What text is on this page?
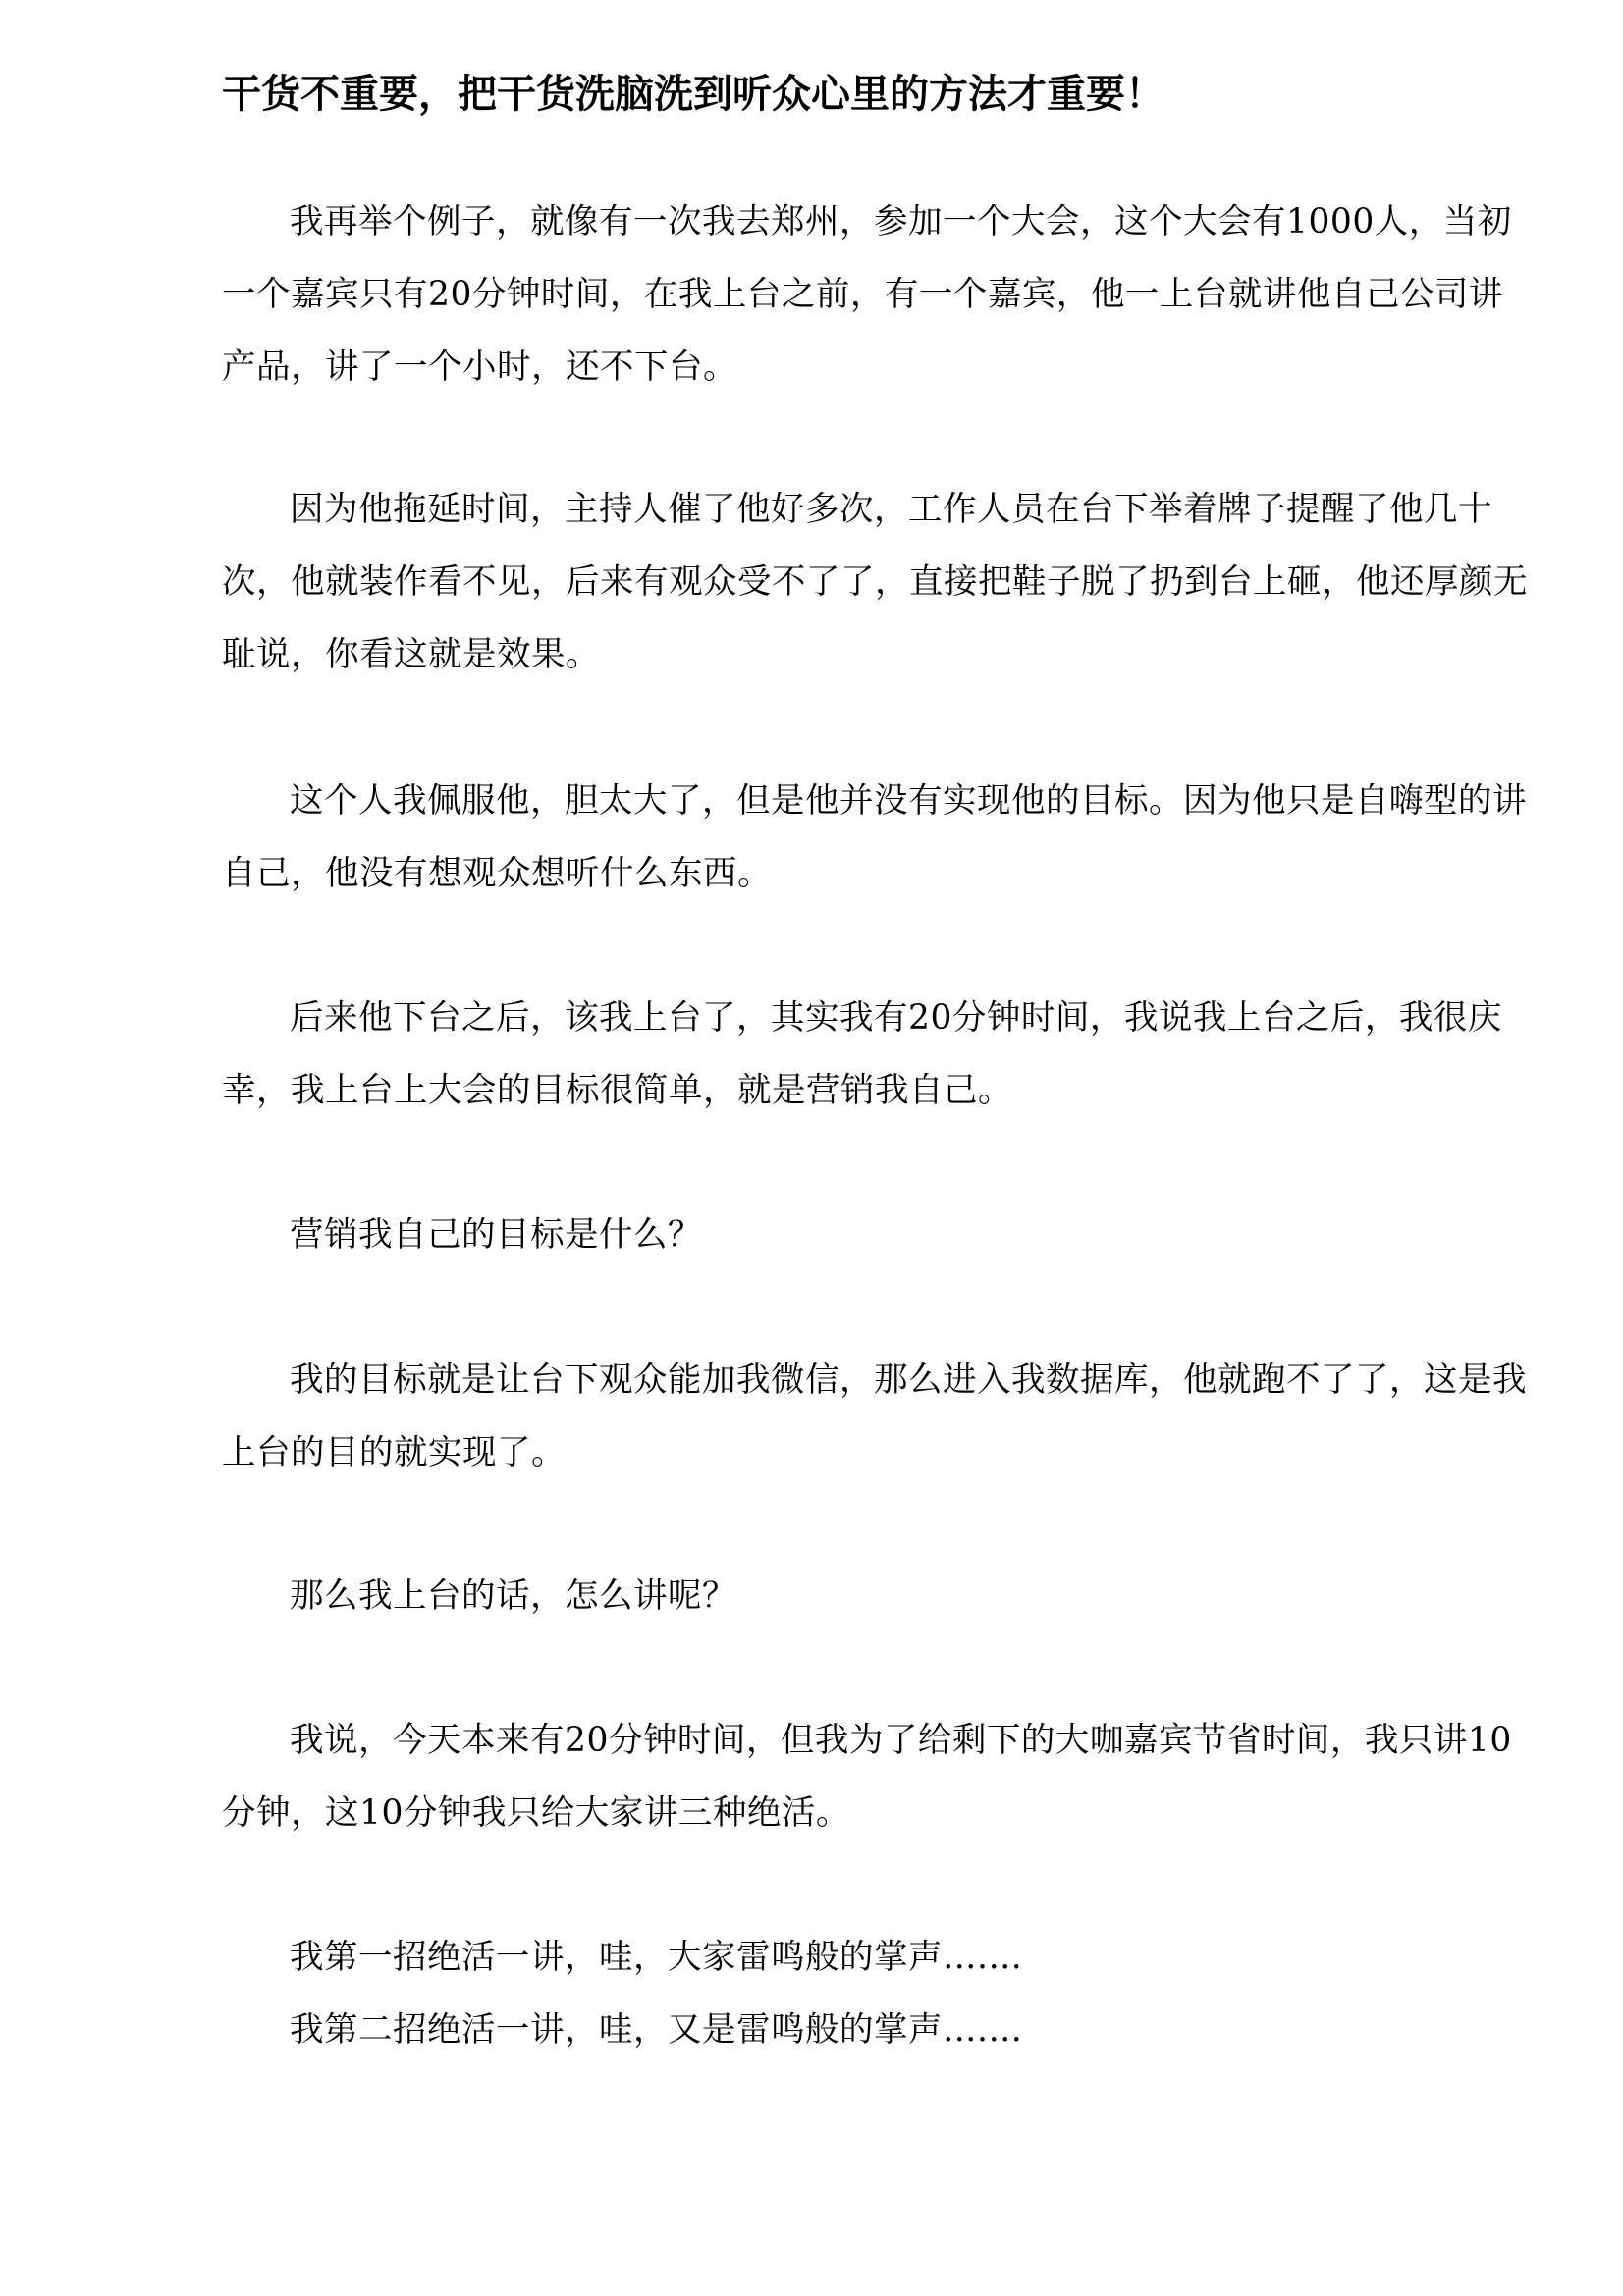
干货不重要，把干货洗脑洗到听众心里的方法才重要！

我再举个例子，就像有一次我去郑州，参加一个大会，这个大会有1000人，当初一个嘉宾只有20分钟时间，在我上台之前，有一个嘉宾，他一上台就讲他自己公司讲产品，讲了一个小时，还不下台。

因为他拖延时间，主持人催了他好多次，工作人员在台下举着牌子提醒了他几十次，他就装作看不见，后来有观众受不了了，直接把鞋子脱了扔到台上砸，他还厚颜无耻说，你看这就是效果。

这个人我佩服他，胆太大了，但是他并没有实现他的目标。因为他只是自嗨型的讲自己，他没有想观众想听什么东西。

后来他下台之后，该我上台了，其实我有20分钟时间，我说我上台之后，我很庆幸，我上台上大会的目标很简单，就是营销我自己。

营销我自己的目标是什么？

我的目标就是让台下观众能加我微信，那么进入我数据库，他就跑不了了，这是我上台的目的就实现了。

那么我上台的话，怎么讲呢？

我说，今天本来有20分钟时间，但我为了给剩下的大咖嘉宾节省时间，我只讲10分钟，这10分钟我只给大家讲三种绝活。

我第一招绝活一讲，哇，大家雷鸣般的掌声….…

我第二招绝活一讲，哇，又是雷鸣般的掌声….…
